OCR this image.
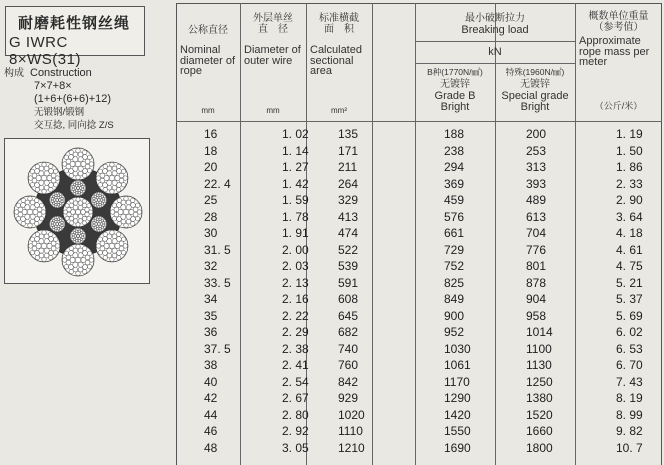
耐磨耗性钢丝绳
G IWRC 8×WS(31)
构成 Construction
7×7+8×
(1+6+(6+6)+12)
无锻钢/锻钢
交互捻, 同向捻 Z/S
公称直径
Nominal diameter of rope
外层单丝
直　径
Diameter of outer wire
标准横截
面　积
Calculated sectional area
最小破断拉力
Breaking load
kN
B种(1770N/㎟)
无镀锌
Grade B
Bright
特殊(1960N/㎟)
无镀锌
Special grade
Bright
概数单位重量
（参考值）
Approximate rope mass per meter
（公斤/米）
mm	mm	mm²
16
18
20
22. 4
25
28
30
31. 5
32
33. 5
34
35
36
37. 5
38
40
42
44
46
48
1. 02
1. 14
1. 27
1. 42
1. 59
1. 78
1. 91
2. 00
2. 03
2. 13
2. 16
2. 22
2. 29
2. 38
2. 41
2. 54
2. 67
2. 80
2. 92
3. 05
135
171
211
264
329
413
474
522
539
591
608
645
682
740
760
842
929
1020
1110
1210
188
238
294
369
459
576
661
729
752
825
849
900
952
1030
1061
1170
1290
1420
1550
1690
200
253
313
393
489
613
704
776
801
878
904
958
1014
1100
1130
1250
1380
1520
1660
1800
1. 19
1. 50
1. 86
2. 33
2. 90
3. 64
4. 18
4. 61
4. 75
5. 21
5. 37
5. 69
6. 02
6. 53
6. 70
7. 43
8. 19
8. 99
9. 82
10. 7
